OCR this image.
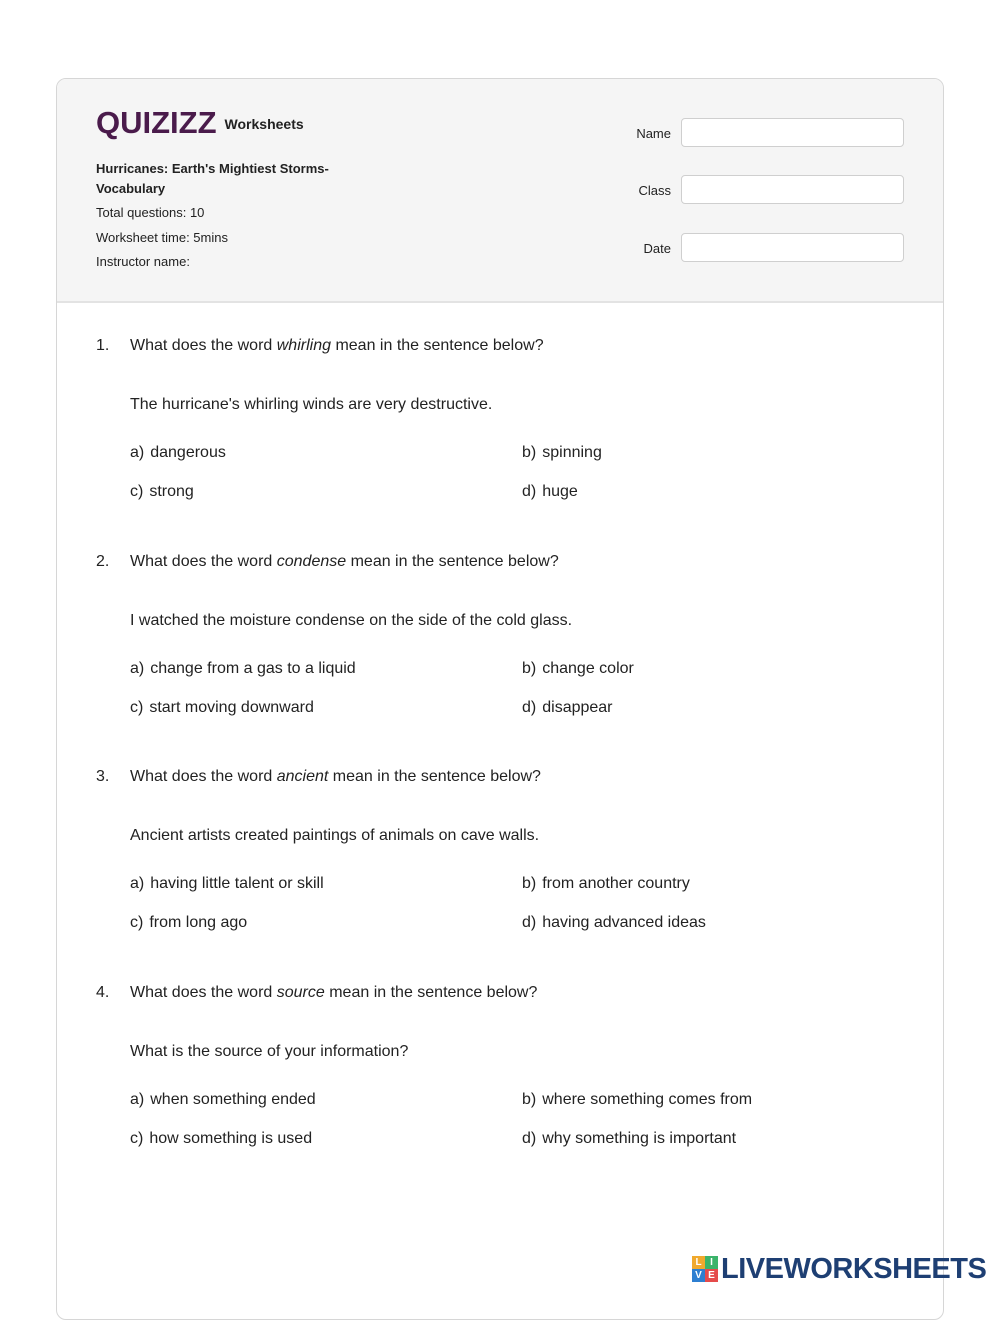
QUIZIZZ Worksheets
Hurricanes: Earth's Mightiest Storms- Vocabulary
Total questions: 10
Worksheet time: 5mins
Instructor name:
Name
Class
Date
1. What does the word whirling mean in the sentence below?
The hurricane's whirling winds are very destructive.
a) dangerous	b) spinning
c) strong	d) huge
2. What does the word condense mean in the sentence below?
I watched the moisture condense on the side of the cold glass.
a) change from a gas to a liquid	b) change color
c) start moving downward	d) disappear
3. What does the word ancient mean in the sentence below?
Ancient artists created paintings of animals on cave walls.
a) having little talent or skill	b) from another country
c) from long ago	d) having advanced ideas
4. What does the word source mean in the sentence below?
What is the source of your information?
a) when something ended	b) where something comes from
c) how something is used	d) why something is important
L I
V E LIVEWORKSHEETS
